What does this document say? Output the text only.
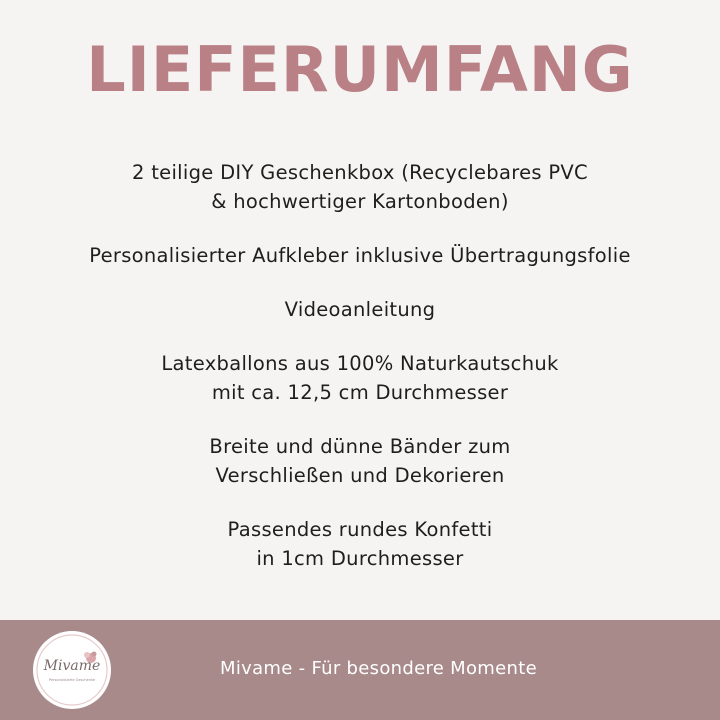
LIEFERUMFANG
2 teilige DIY Geschenkbox (Recyclebares PVC
& hochwertiger Kartonboden)
Personalisierter Aufkleber inklusive Übertragungsfolie
Videoanleitung
Latexballons aus 100% Naturkautschuk
mit ca. 12,5 cm Durchmesser
Breite und dünne Bänder zum
Verschließen und Dekorieren
Passendes rundes Konfetti
in 1cm Durchmesser
Mivame
Personalisierte Geschenke
Mivame - Für besondere Momente
